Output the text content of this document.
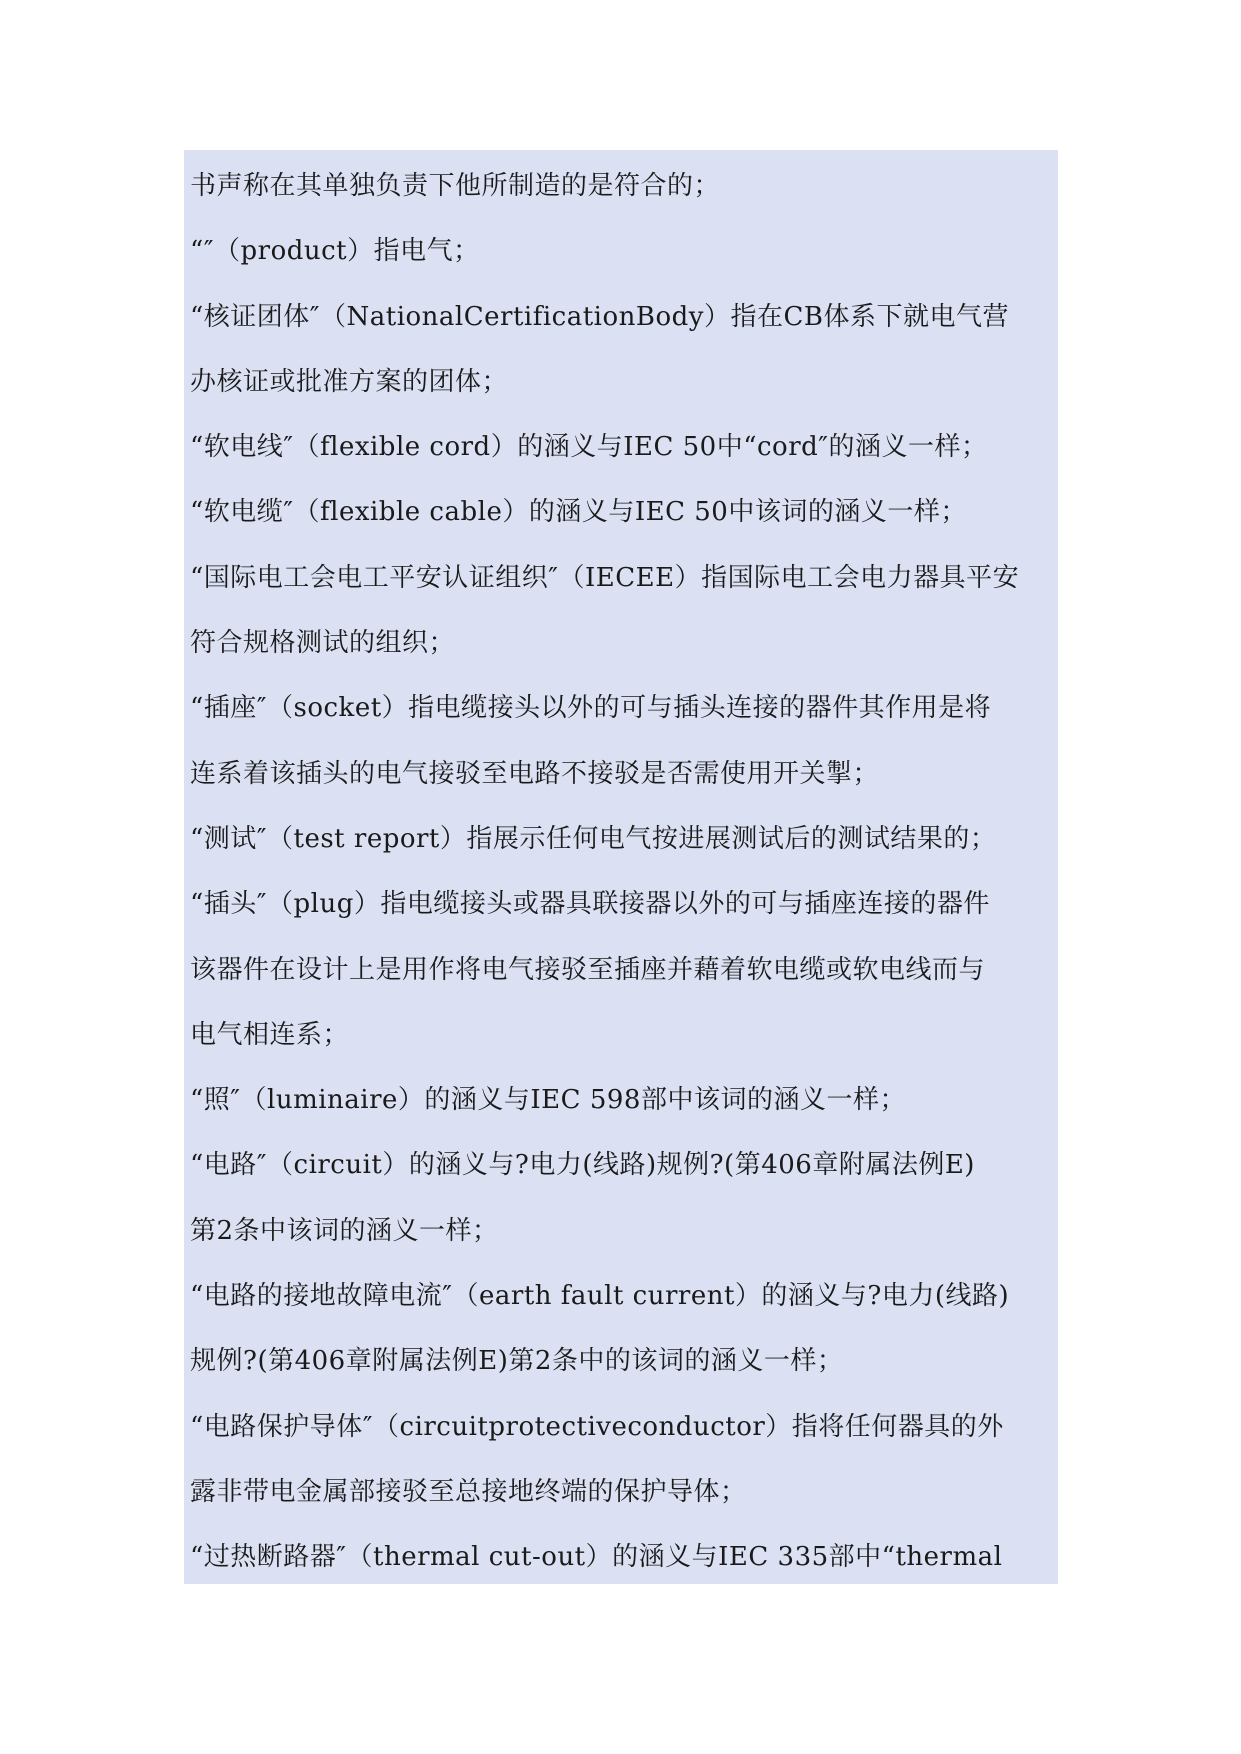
书声称在其单独负责下他所制造的是符合的；
“″（product）指电气；
“核证团体″（NationalCertificationBody）指在CB体系下就电气营
办核证或批准方案的团体；
“软电线″（flexible cord）的涵义与IEC 50中“cord″的涵义一样；
“软电缆″（flexible cable）的涵义与IEC 50中该词的涵义一样；
“国际电工会电工平安认证组织″（IECEE）指国际电工会电力器具平安
符合规格测试的组织；
“插座″（socket）指电缆接头以外的可与插头连接的器件其作用是将
连系着该插头的电气接驳至电路不接驳是否需使用开关掣；
“测试″（test report）指展示任何电气按进展测试后的测试结果的；
“插头″（plug）指电缆接头或器具联接器以外的可与插座连接的器件
该器件在设计上是用作将电气接驳至插座并藉着软电缆或软电线而与
电气相连系；
“照″（luminaire）的涵义与IEC 598部中该词的涵义一样；
“电路″（circuit）的涵义与?电力(线路)规例?(第406章附属法例E)
第2条中该词的涵义一样；
“电路的接地故障电流″（earth fault current）的涵义与?电力(线路)
规例?(第406章附属法例E)第2条中的该词的涵义一样；
“电路保护导体″（circuitprotectiveconductor）指将任何器具的外
露非带电金属部接驳至总接地终端的保护导体；
“过热断路器″（thermal cut-out）的涵义与IEC 335部中“thermal
